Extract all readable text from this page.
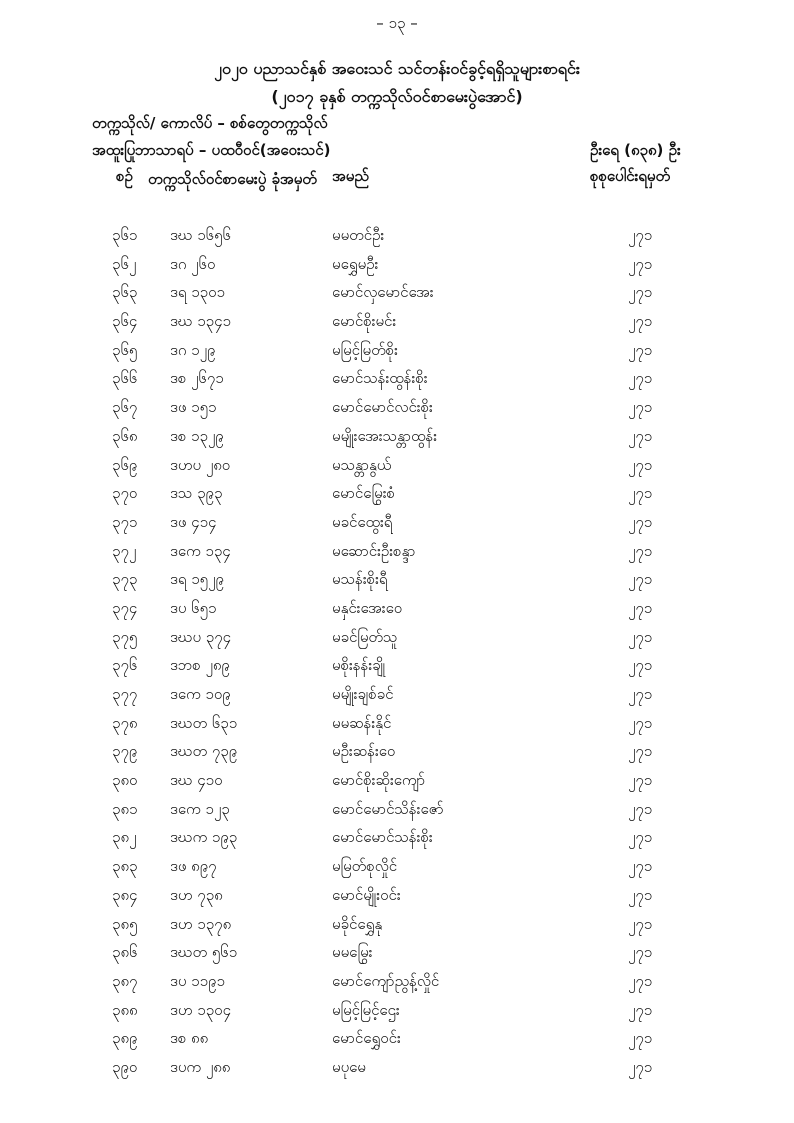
– ၁၃ –
၂၀၂၀ ပညာသင်နှစ် အဝေးသင် သင်တန်းဝင်ခွင့်ရရှိသူများစာရင်း
(၂၀၁၇ ခုနှစ် တက္ကသိုလ်ဝင်စာမေးပွဲအောင်)
တက္ကသိုလ်/ ကောလိပ် – စစ်တွေတက္ကသိုလ်
အထူးပြုဘာသာရပ် – ပထဝီဝင်(အဝေးသင်)	ဦးရေ (၈၃၈) ဦး
စဉ် တက္ကသိုလ်ဝင်စာမေးပွဲ ခုံအမှတ်	အမည်	စုစုပေါင်းရမှတ်
၃၆၁ ဒဃ ၁၆၅၆	မမတင်ဦး	၂၇၁
၃၆၂ ဒဂ ၂၆၀	မရွှေမဦး	၂၇၁
၃၆၃ ဒရ ၁၃၀၁	မောင်လှမောင်အေး	၂၇၁
၃၆၄ ဒဃ ၁၃၄၁	မောင်စိုးမင်း	၂၇၁
၃၆၅ ဒဂ ၁၂၉	မမြင့်မြတ်စိုး	၂၇၁
၃၆၆ ဒစ ၂၆၇၁	မောင်သန်းထွန်းစိုး	၂၇၁
၃၆၇ ဒဖ ၁၅၁	မောင်မောင်လင်းစိုး	၂၇၁
၃၆၈ ဒစ ၁၃၂၉	မမျိုးအေးသန္တာထွန်း	၂၇၁
၃၆၉ ဒဟပ ၂၈၀	မသန္တာနွယ်	၂၇၁
၃၇၀ ဒသ ၃၉၃	မောင်မြွေးစံ	၂၇၁
၃၇၁ ဒဖ ၄၁၄	မခင်ထွေးရီ	၂၇၁
၃၇၂ ဒကေ ၁၃၄	မဆောင်းဦးစန္ဒာ	၂၇၁
၃၇၃ ဒရ ၁၅၂၉	မသန်းစိုးရီ	၂၇၁
၃၇၄ ဒပ ၆၅၁	မနှင်းအေးဝေ	၂၇၁
၃၇၅ ဒဃပ ၃၇၄	မခင်မြတ်သူ	၂၇၁
၃၇၆ ဒဘစ ၂၈၉	မစိုးနန်းချို	၂၇၁
၃၇၇ ဒကေ ၁၀၉	မမျိုးချစ်ခင်	၂၇၁
၃၇၈ ဒဃတ ၆၃၁	မမဆန်းနိုင်	၂၇၁
၃၇၉ ဒဃတ ၇၃၉	မဦးဆန်းဝေ	၂၇၁
၃၈၀ ဒဃ ၄၁၀	မောင်စိုးဆိုးကျော်	၂၇၁
၃၈၁ ဒကေ ၁၂၃	မောင်မောင်သိန်းဇော်	၂၇၁
၃၈၂ ဒဃက ၁၉၃	မောင်မောင်သန်းစိုး	၂၇၁
၃၈၃ ဒဖ ၈၉၇	မမြတ်စုလှိုင်	၂၇၁
၃၈၄ ဒဟ ၇၃၈	မောင်မျိုးဝင်း	၂၇၁
၃၈၅ ဒဟ ၁၃၇၈	မခိုင်ရွှေနု	၂၇၁
၃၈၆ ဒဃတ ၅၆၁	မမမြွေး	၂၇၁
၃၈၇ ဒပ ၁၁၉၁	မောင်ကျော်ညွန့်လှိုင်	၂၇၁
၃၈၈ ဒဟ ၁၃၀၄	မမြင့်မြင့်ဌေး	၂၇၁
၃၈၉ ဒစ ၈၈	မောင်ရွှေဝင်း	၂၇၁
၃၉၀ ဒပက ၂၈၈	မပုမေ	၂၇၁
